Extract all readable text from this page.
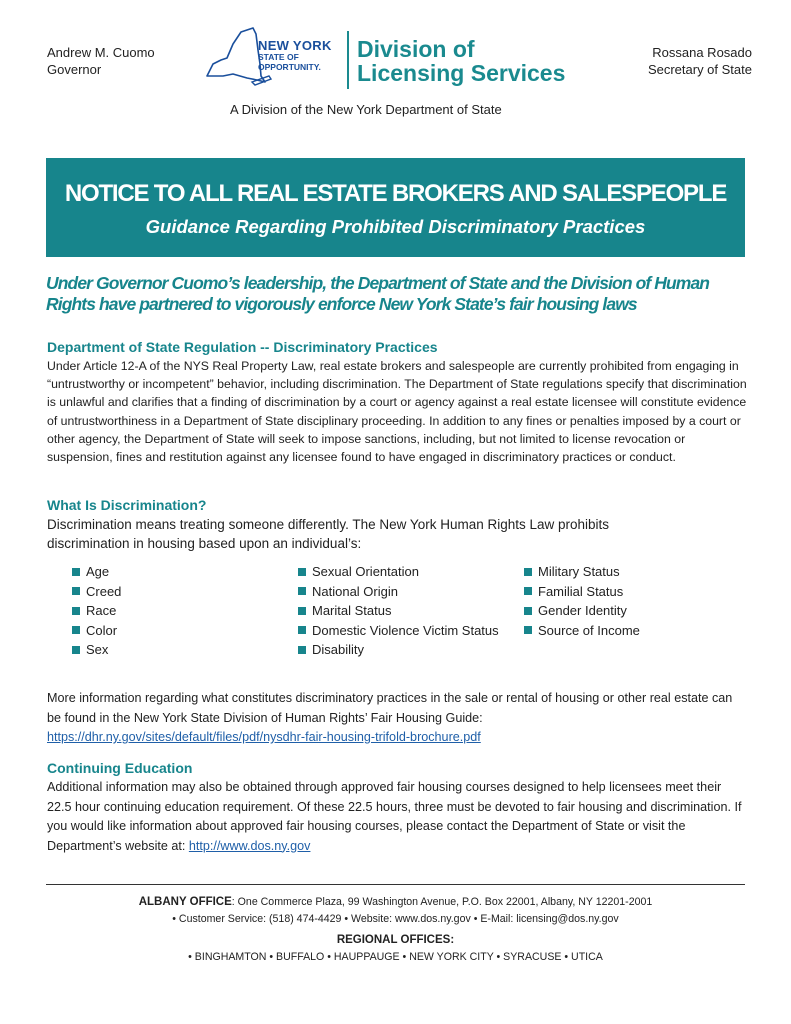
Andrew M. Cuomo
Governor
NEW YORK
STATE OF
OPPORTUNITY.
Division of
Licensing Services
Rossana Rosado
Secretary of State
A Division of the New York Department of State
NOTICE TO ALL REAL ESTATE BROKERS AND SALESPEOPLE
Guidance Regarding Prohibited Discriminatory Practices
Under Governor Cuomo’s leadership, the Department of State and the Division of Human
Rights have partnered to vigorously enforce New York State’s fair housing laws
Department of State Regulation -- Discriminatory Practices
Under Article 12-A of the NYS Real Property Law, real estate brokers and salespeople are currently prohibited from engaging in “untrustworthy or incompetent” behavior, including discrimination. The Department of State regulations specify that discrimination is unlawful and clarifies that a finding of discrimination by a court or agency against a real estate licensee will constitute evidence of untrustworthiness in a Department of State disciplinary proceeding. In addition to any fines or penalties imposed by a court or other agency, the Department of State will seek to impose sanctions, including, but not limited to license revocation or suspension, fines and restitution against any licensee found to have engaged in discriminatory practices or conduct.
What Is Discrimination?
Discrimination means treating someone differently. The New York Human Rights Law prohibits discrimination in housing based upon an individual’s:
Age
Creed
Race
Color
Sex
Sexual Orientation
National Origin
Marital Status
Domestic Violence Victim Status
Disability
Military Status
Familial Status
Gender Identity
Source of Income
More information regarding what constitutes discriminatory practices in the sale or rental of housing or other real estate can be found in the New York State Division of Human Rights’ Fair Housing Guide:
https://dhr.ny.gov/sites/default/files/pdf/nysdhr-fair-housing-trifold-brochure.pdf
Continuing Education
Additional information may also be obtained through approved fair housing courses designed to help licensees meet their 22.5 hour continuing education requirement. Of these 22.5 hours, three must be devoted to fair housing and discrimination. If you would like information about approved fair housing courses, please contact the Department of State or visit the Department’s website at: http://www.dos.ny.gov
ALBANY OFFICE: One Commerce Plaza, 99 Washington Avenue, P.O. Box 22001, Albany, NY 12201-2001
• Customer Service: (518) 474-4429 • Website: www.dos.ny.gov • E-Mail: licensing@dos.ny.gov
REGIONAL OFFICES:
• BINGHAMTON • BUFFALO • HAUPPAUGE • NEW YORK CITY • SYRACUSE • UTICA
